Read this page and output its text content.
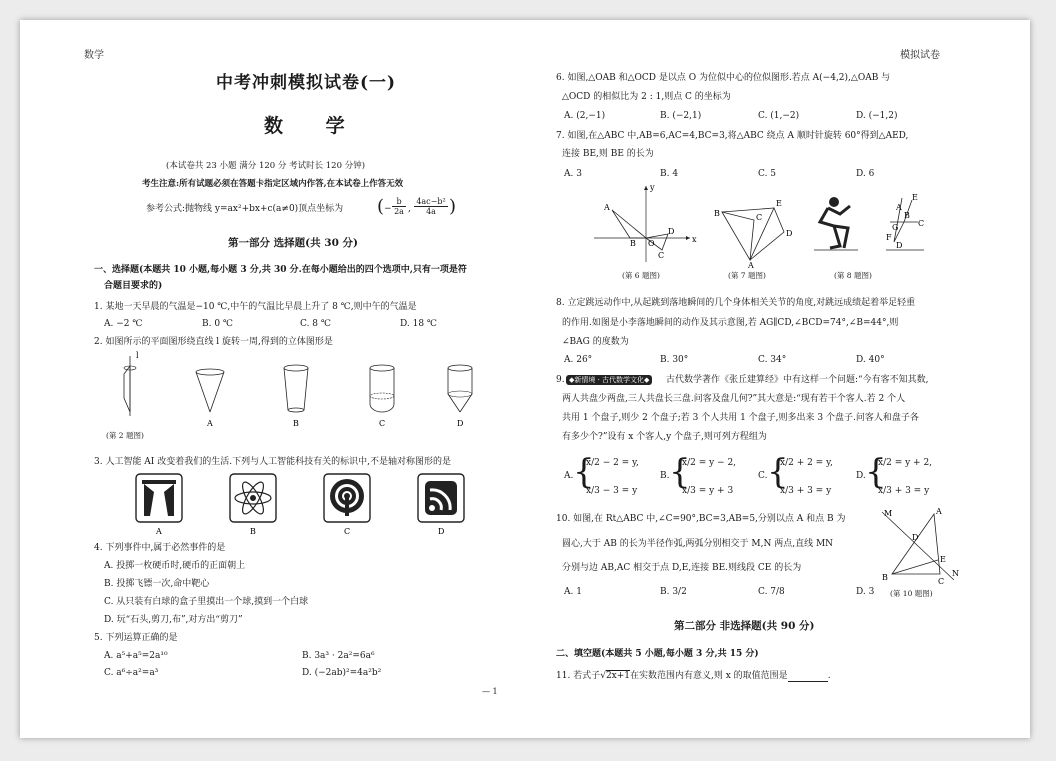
数学	模拟试卷
中考冲刺模拟试卷(一)
数 学
(本试卷共 23 小题 满分 120 分 考试时长 120 分钟)
考生注意:所有试题必须在答题卡指定区域内作答,在本试卷上作答无效
参考公式:抛物线 y=ax²+bx+c(a≠0)顶点坐标为 ( − $\frac{b}{2a}$ , $\frac{\text{4ac−b²}}{4a}$ )
第一部分 选择题(共 30 分)
一、选择题(本题共 10 小题,每小题 3 分,共 30 分.在每小题给出的四个选项中,只有一项是符
合题目要求的)
1. 某地一天早晨的气温是−10 ℃,中午的气温比早晨上升了 8 ℃,则中午的气温是
A. −2 ℃	B. 0 ℃	C. 8 ℃	D. 18 ℃
2. 如图所示的平面图形绕直线 l 旋转一周,得到的立体图形是
l
A	B	C	D
(第 2 题图)
3. 人工智能 AI 改变着我们的生活.下列与人工智能科技有关的标识中,不是轴对称图形的是
A	B	C	D
4. 下列事件中,属于必然事件的是
A. 投掷一枚硬币时,硬币的正面朝上
B. 投掷飞镖一次,命中靶心
C. 从只装有白球的盒子里摸出一个球,摸到一个白球
D. 玩“石头,剪刀,布”,对方出“剪刀”
5. 下列运算正确的是
A. a⁵+a⁵=2a¹⁰	B. 3a³ · 2a²=6a⁶
C. a⁶÷a²=a³	D. (−2ab)²=4a²b²
6. 如图,△OAB 和△OCD 是以点 O 为位似中心的位似图形.若点 A(−4,2),△OAB 与
△OCD 的相似比为 2 : 1,则点 C 的坐标为
A. (2,−1)	B. (−2,1)	C. (1,−2)	D. (−1,2)
7. 如图,在△ABC 中,AB=6,AC=4,BC=3,将△ABC 绕点 A 顺时针旋转 60°得到△AED,
连接 BE,则 BE 的长为
A. 3	B. 4	C. 5	D. 6
A
B O
C
D
x
y
(第 6 题图)
B	C
E
D
A
(第 7 题图)
E
A
G C
F
B
D
(第 8 题图)
8. 立定跳远动作中,从起跳到落地瞬间的几个身体相关关节的角度,对跳远成绩起着举足轻重
的作用.如图是小李落地瞬间的动作及其示意图,若 AG∥CD,∠BCD=74°,∠B=44°,则
∠BAG 的度数为
A. 26°	B. 30°	C. 34°	D. 40°
9. ◆新情境 · 古代数学文化◆	古代数学著作《张丘建算经》中有这样一个问题:“今有客不知其数,
两人共盘少两盘,三人共盘长三盘.问客及盘几何?”其大意是:“现有若干个客人.若 2 个人
共用 1 个盘子,则少 2 个盘子;若 3 个人共用 1 个盘子,则多出来 3 个盘子.问客人和盘子各
有多少个?”设有 x 个客人,y 个盘子,则可列方程组为
A. {
x/2 − 2 = y,
x/3 − 3 = y
B. {
x/2 = y − 2,
x/3 = y + 3
C. {
x/2 + 2 = y,
x/3 + 3 = y
D. {
x/2 = y + 2,
x/3 + 3 = y
10. 如图,在 Rt△ABC 中,∠C=90°,BC=3,AB=5,分别以点 A 和点 B 为
圆心,大于 AB 的长为半径作弧,两弧分别相交于 M,N 两点,直线 MN
分别与边 AB,AC 相交于点 D,E,连接 BE.则线段 CE 的长为
A. 1	B. 3/2	C. 7/8	D. 3
A
B	C
D
E
M
N
(第 10 题图)
第二部分 非选择题(共 90 分)
二、填空题(本题共 5 小题,每小题 3 分,共 15 分)
11. 若式子√2x+1在实数范围内有意义,则 x 的取值范围是	.
— 1
